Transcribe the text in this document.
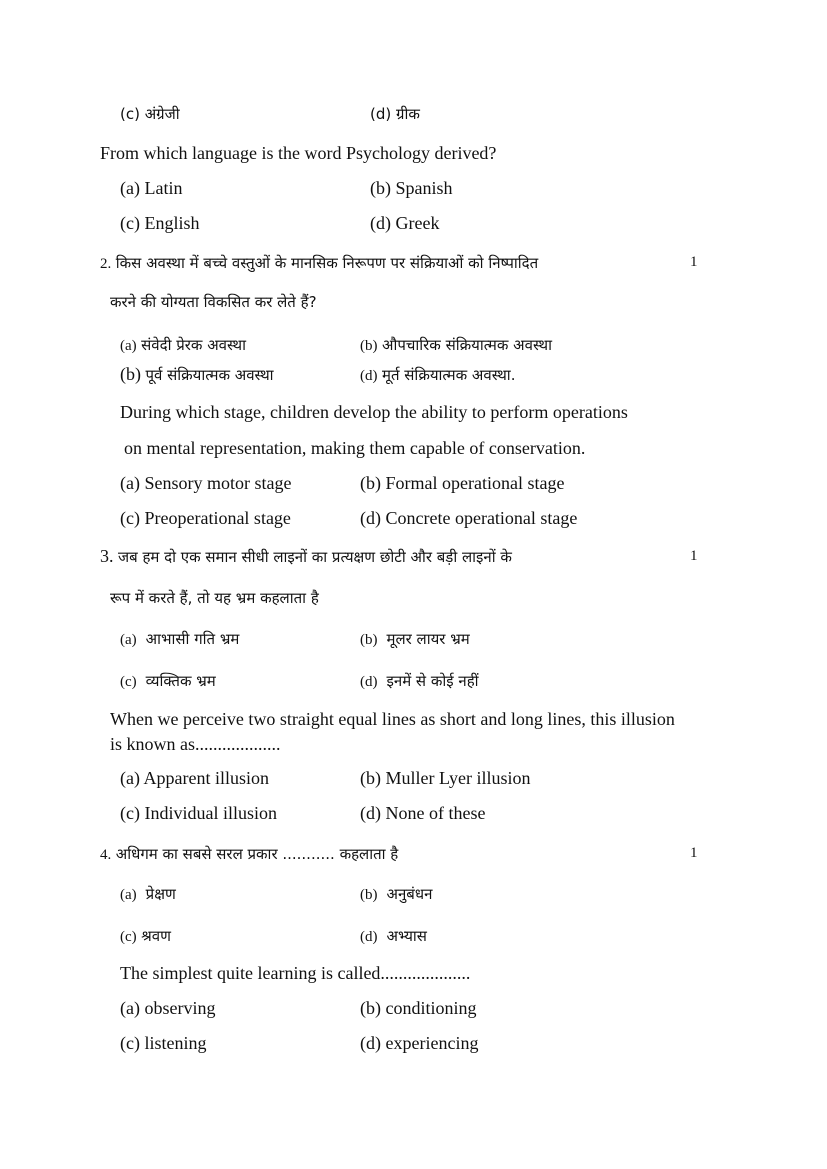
(c) अंग्रेजी	(d) ग्रीक
From which language is the word Psychology derived?
(a) Latin	(b) Spanish
(c) English	(d) Greek
2. किस अवस्था में बच्चे वस्तुओं के मानसिक निरूपण पर संक्रियाओं को निष्पादित	1
करने की योग्यता विकसित कर लेते हैं?
(a) संवेदी प्रेरक अवस्था	(b) औपचारिक संक्रियात्मक अवस्था
(b) पूर्व संक्रियात्मक अवस्था	(d) मूर्त संक्रियात्मक अवस्था.
During which stage, children develop the ability to perform operations
on mental representation, making them capable of conservation.
(a) Sensory motor stage	(b) Formal operational stage
(c) Preoperational stage	(d) Concrete operational stage
3. जब हम दो एक समान सीधी लाइनों का प्रत्यक्षण छोटी और बड़ी लाइनों के	1
रूप में करते हैं, तो यह भ्रम कहलाता है
(a) आभासी गति भ्रम	(b) मूलर लायर भ्रम
(c) व्यक्तिक भ्रम	(d) इनमें से कोई नहीं
When we perceive two straight equal lines as short and long lines, this illusion
is known as...................
(a) Apparent illusion	(b) Muller Lyer illusion
(c) Individual illusion	(d) None of these
4. अधिगम का सबसे सरल प्रकार ........... कहलाता है	1
(a) प्रेक्षण	(b) अनुबंधन
(c) श्रवण	(d) अभ्यास
The simplest quite learning is called....................
(a) observing	(b) conditioning
(c) listening	(d) experiencing
